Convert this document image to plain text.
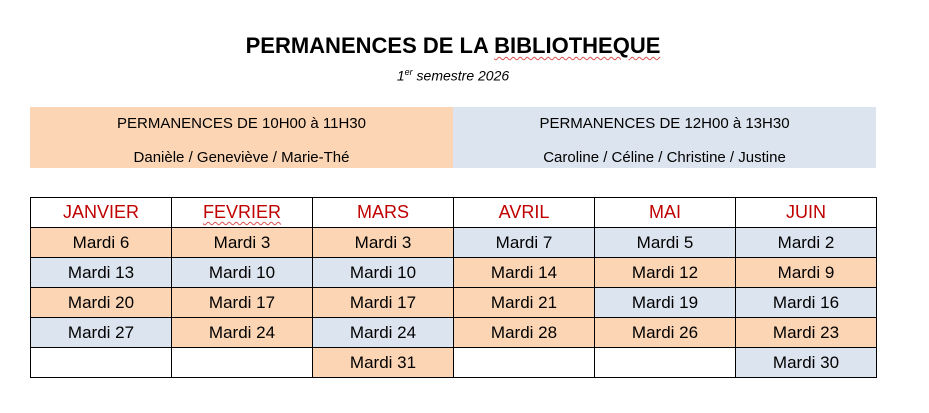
PERMANENCES DE LA BIBLIOTHEQUE
1er semestre 2026
PERMANENCES DE 10H00 à 11H30
Danièle / Geneviève / Marie-Thé
PERMANENCES DE 12H00 à 13H30
Caroline / Céline / Christine / Justine
JANVIER	FEVRIER	MARS	AVRIL	MAI	JUIN
Mardi 6	Mardi 3	Mardi 3	Mardi 7	Mardi 5	Mardi 2
Mardi 13	Mardi 10	Mardi 10	Mardi 14	Mardi 12	Mardi 9
Mardi 20	Mardi 17	Mardi 17	Mardi 21	Mardi 19	Mardi 16
Mardi 27	Mardi 24	Mardi 24	Mardi 28	Mardi 26	Mardi 23
		Mardi 31			Mardi 30
